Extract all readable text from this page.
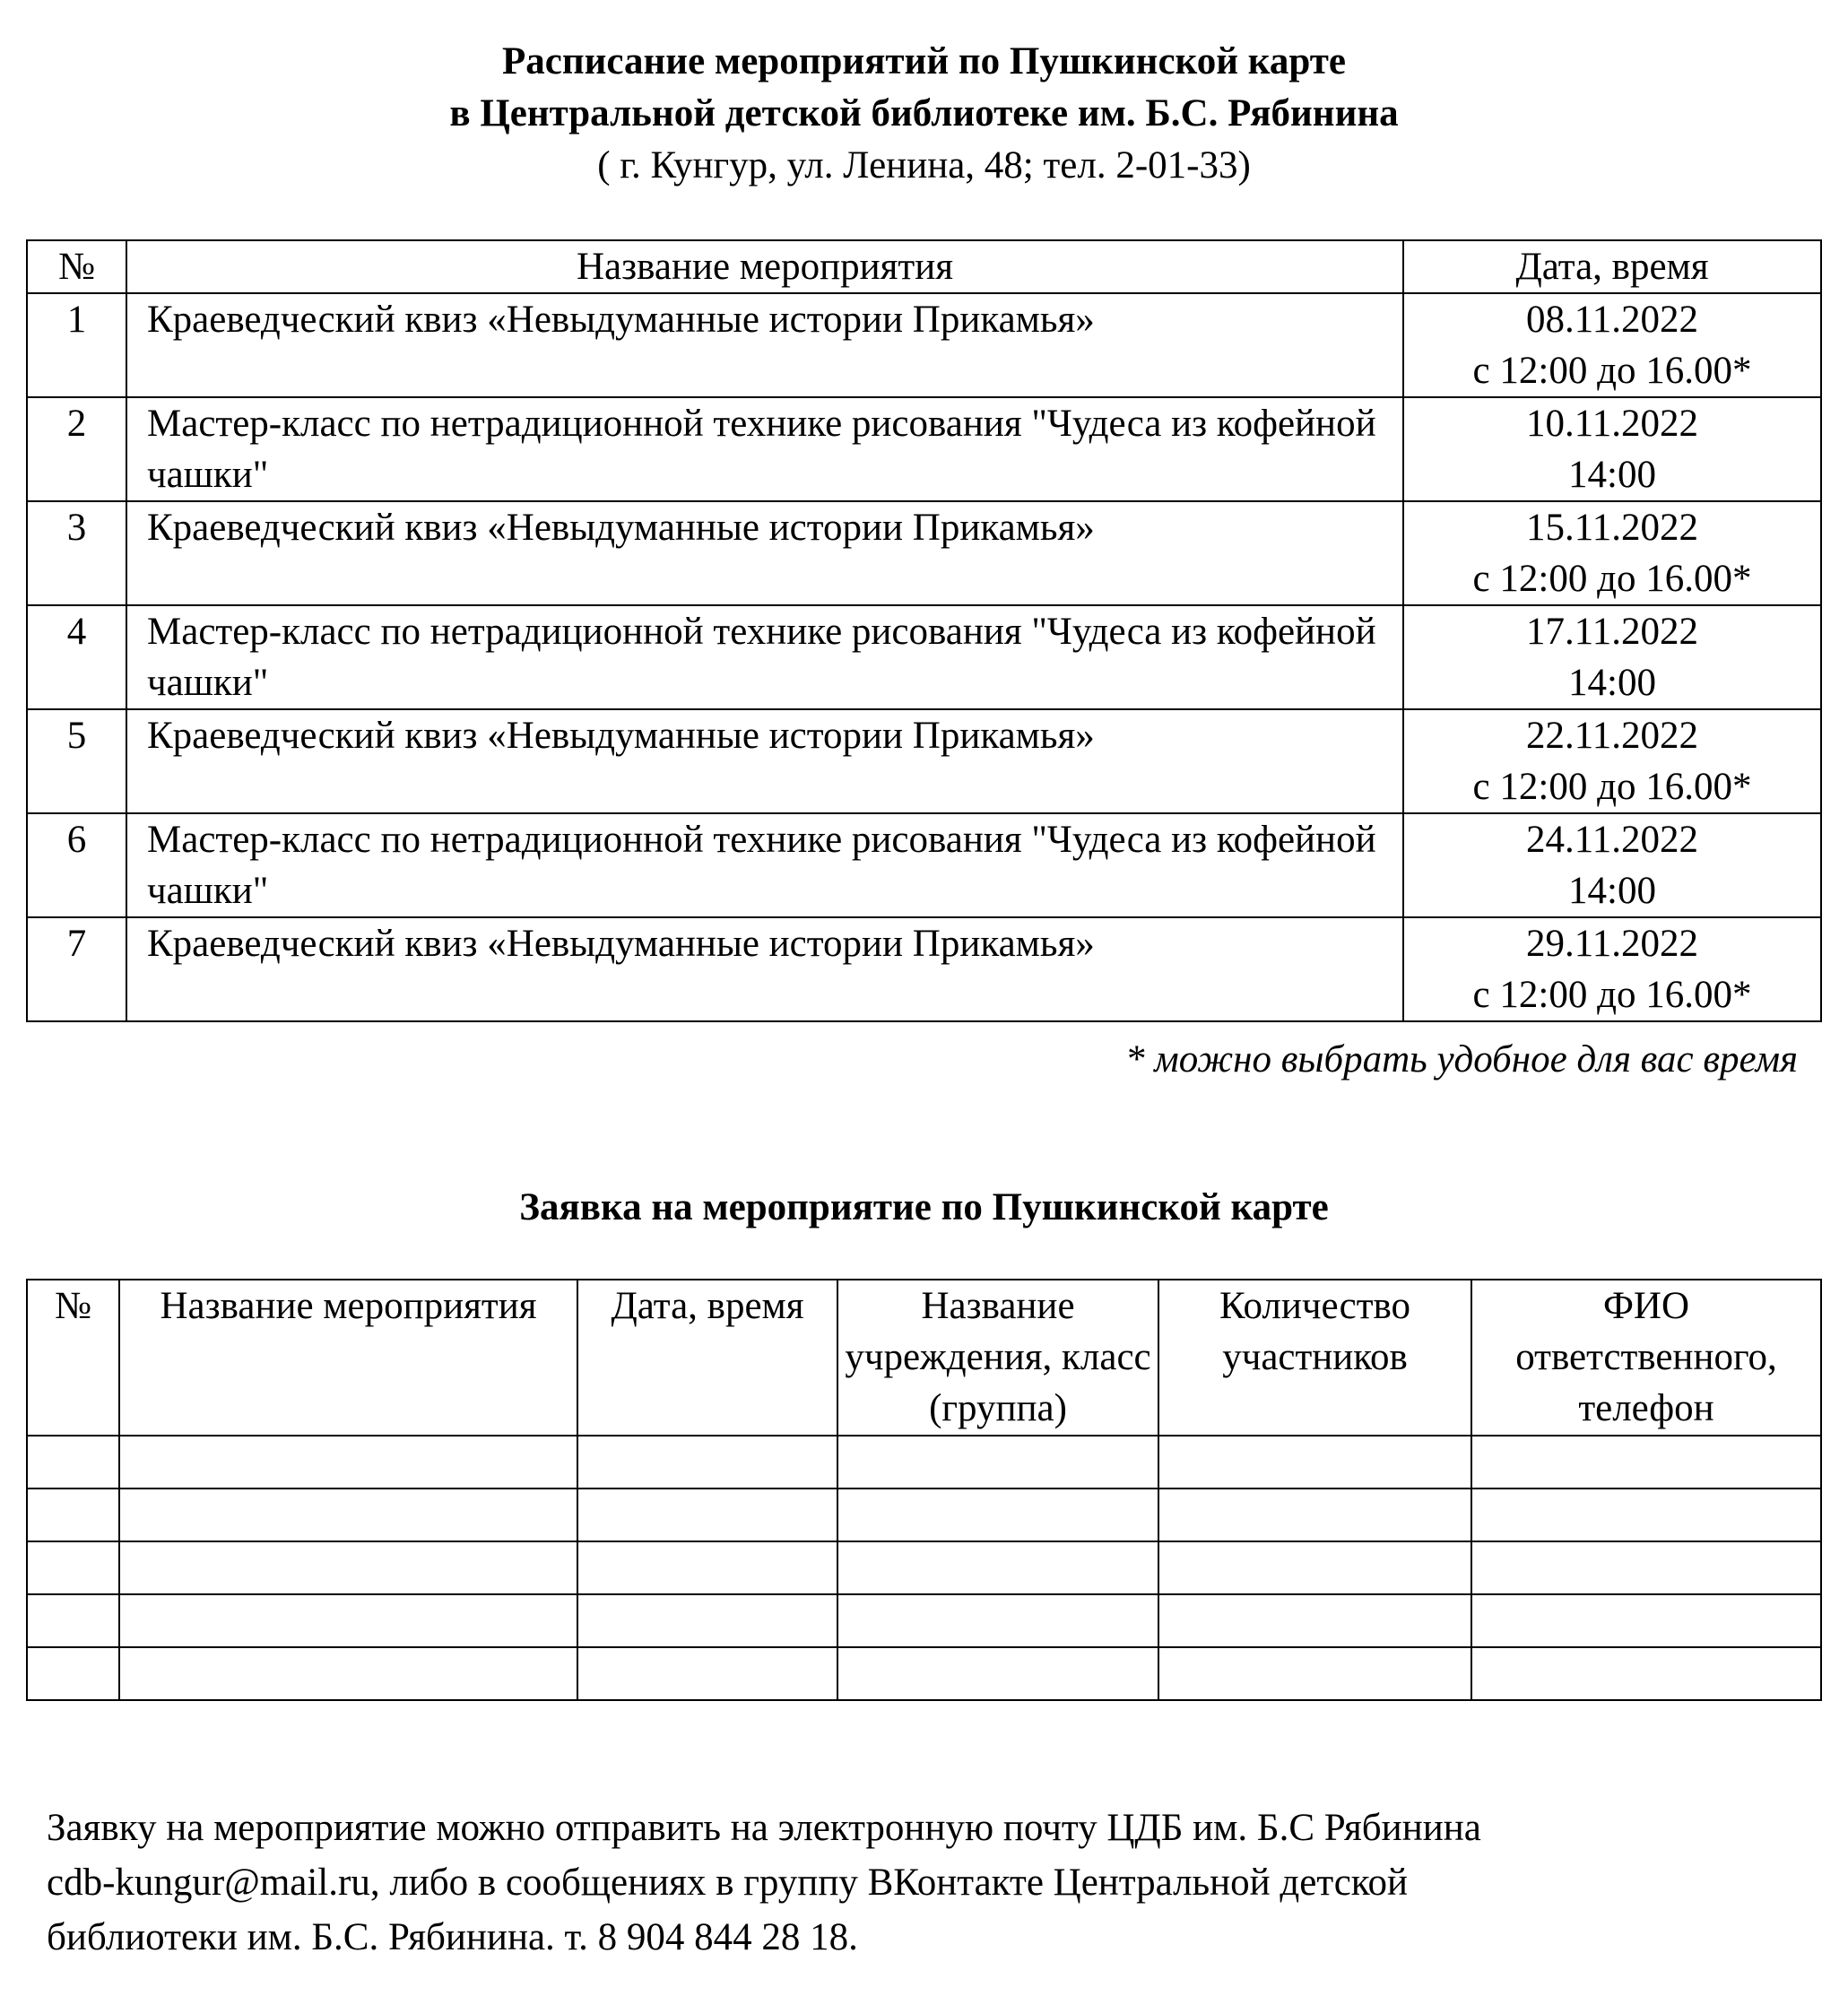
Расписание мероприятий по Пушкинской карте
в Центральной детской библиотеке им. Б.С. Рябинина
( г. Кунгур, ул. Ленина, 48; тел. 2-01-33)
№	Название мероприятия	Дата, время
1	Краеведческий квиз «Невыдуманные истории Прикамья»	08.11.2022
с 12:00 до 16.00*

2	Мастер-класс по нетрадиционной технике рисования "Чудеса из кофейной чашки"	10.11.2022
14:00

3	Краеведческий квиз «Невыдуманные истории Прикамья»	15.11.2022
с 12:00 до 16.00*

4	Мастер-класс по нетрадиционной технике рисования "Чудеса из кофейной чашки"	17.11.2022
14:00

5	Краеведческий квиз «Невыдуманные истории Прикамья»	22.11.2022
с 12:00 до 16.00*

6	Мастер-класс по нетрадиционной технике рисования "Чудеса из кофейной чашки"	24.11.2022
14:00

7	Краеведческий квиз «Невыдуманные истории Прикамья»	29.11.2022
с 12:00 до 16.00*
* можно выбрать удобное для вас время
Заявка на мероприятие по Пушкинской карте
№	Название мероприятия	Дата, время	Название учреждения, класс (группа)	Количество участников	ФИО ответственного, телефон

Заявку на мероприятие можно отправить на электронную почту ЦДБ им. Б.С Рябинина

cdb-kungur@mail.ru, либо в сообщениях в группу ВКонтакте Центральной детской

библиотеки им. Б.С. Рябинина. т. 8 904 844 28 18.
